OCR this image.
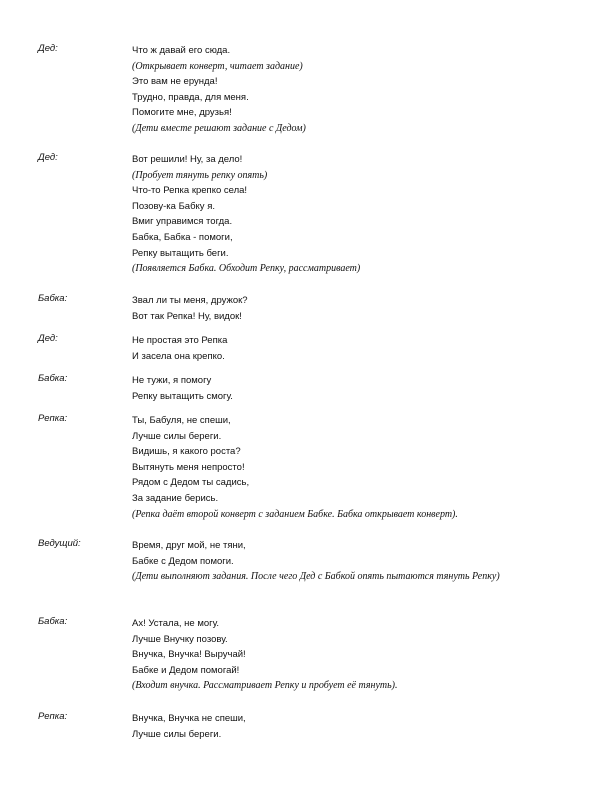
Дед:	Что ж давай его сюда.
(Открывает конверт, читает задание)
Это вам не ерунда!
Трудно, правда, для меня.
Помогите мне, друзья!
(Дети вместе решают задание с Дедом)
Дед:	Вот решили! Ну, за дело!
(Пробует тянуть репку опять)
Что-то Репка крепко села!
Позову-ка Бабку я.
Вмиг управимся тогда.
Бабка, Бабка - помоги,
Репку вытащить беги.
(Появляется Бабка. Обходит Репку, рассматривает)
Бабка:	Звал ли ты меня, дружок?
Вот так Репка! Ну, видок!
Дед:	Не простая это Репка
И засела она крепко.
Бабка:	Не тужи, я помогу
Репку вытащить смогу.
Репка:	Ты, Бабуля, не спеши,
Лучше силы береги.
Видишь, я какого роста?
Вытянуть меня непросто!
Рядом с Дедом ты садись,
За задание берись.
(Репка даёт второй конверт с заданием Бабке. Бабка открывает конверт).
Ведущий:	Время, друг мой, не тяни,
Бабке с Дедом помоги.
(Дети выполняют задания. После чего Дед с Бабкой опять пытаются тянуть Репку)
Бабка:	Ах! Устала, не могу.
Лучше Внучку позову.
Внучка, Внучка! Выручай!
Бабке и Дедом помогай!
(Входит внучка. Рассматривает Репку и пробует её тянуть).
Репка:	Внучка, Внучка не спеши,
Лучше силы береги.
